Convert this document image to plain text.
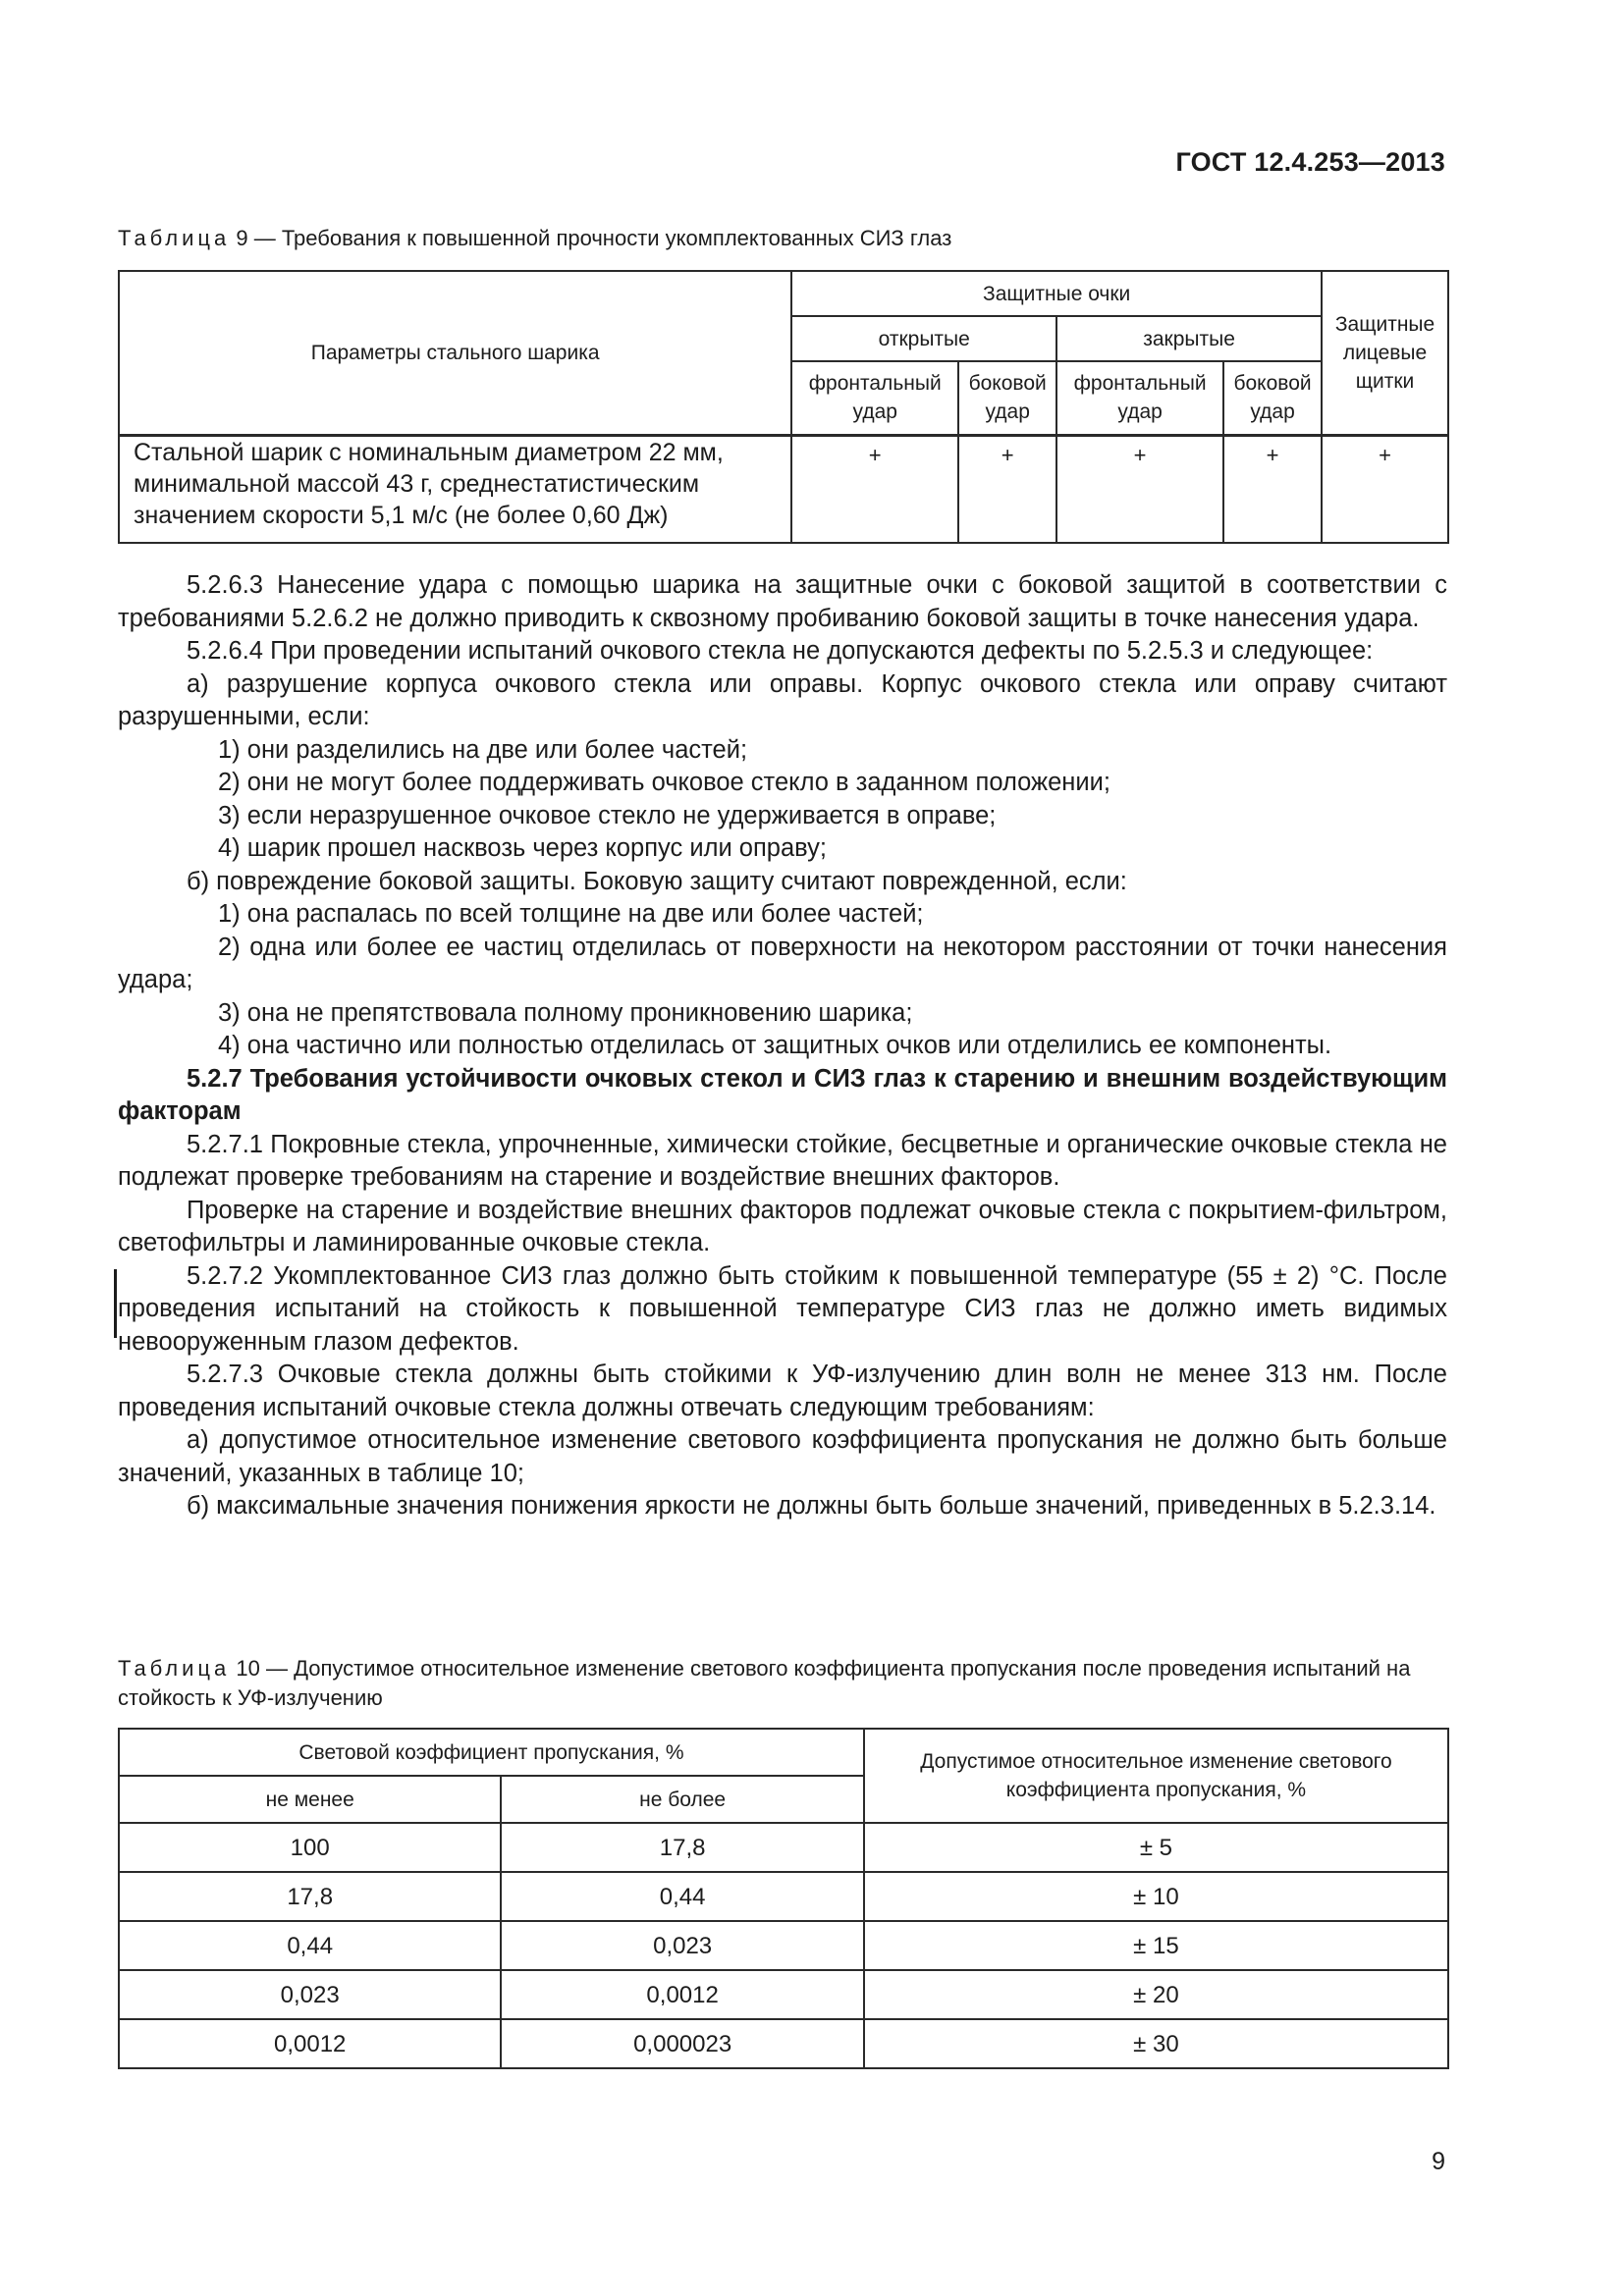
ГОСТ 12.4.253—2013
Таблица 9 — Требования к повышенной прочности укомплектованных СИЗ глаз
Параметры стального шарика	Защитные очки				Защитные лицевые щитки
	открытые		закрытые		
	фронтальный удар	боковой удар	фронтальный удар	боковой удар	
Стальной шарик с номинальным диаметром 22 мм, минимальной массой 43 г, среднестатистическим значением скорости 5,1 м/с (не более 0,60 Дж)	+	+	+	+	+

5.2.6.3 Нанесение удара с помощью шарика на защитные очки с боковой защитой в соответствии с требованиями 5.2.6.2 не должно приводить к сквозному пробиванию боковой защиты в точке нанесения удара.

5.2.6.4 При проведении испытаний очкового стекла не допускаются дефекты по 5.2.5.3 и следующее:

а) разрушение корпуса очкового стекла или оправы. Корпус очкового стекла или оправу считают разрушенными, если:

1) они разделились на две или более частей;

2) они не могут более поддерживать очковое стекло в заданном положении;

3) если неразрушенное очковое стекло не удерживается в оправе;

4) шарик прошел насквозь через корпус или оправу;

б) повреждение боковой защиты. Боковую защиту считают поврежденной, если:

1) она распалась по всей толщине на две или более частей;

2) одна или более ее частиц отделилась от поверхности на некотором расстоянии от точки нанесения удара;

3) она не препятствовала полному проникновению шарика;

4) она частично или полностью отделилась от защитных очков или отделились ее компоненты.

5.2.7 Требования устойчивости очковых стекол и СИЗ глаз к старению и внешним воздействующим факторам

5.2.7.1 Покровные стекла, упрочненные, химически стойкие, бесцветные и органические очковые стекла не подлежат проверке требованиям на старение и воздействие внешних факторов.

Проверке на старение и воздействие внешних факторов подлежат очковые стекла с покрытием-фильтром, светофильтры и ламинированные очковые стекла.

5.2.7.2 Укомплектованное СИЗ глаз должно быть стойким к повышенной температуре (55 ± 2) °С. После проведения испытаний на стойкость к повышенной температуре СИЗ глаз не должно иметь видимых невооруженным глазом дефектов.

5.2.7.3 Очковые стекла должны быть стойкими к УФ-излучению длин волн не менее 313 нм. После проведения испытаний очковые стекла должны отвечать следующим требованиям:

а) допустимое относительное изменение светового коэффициента пропускания не должно быть больше значений, указанных в таблице 10;

б) максимальные значения понижения яркости не должны быть больше значений, приведенных в 5.2.3.14.

Таблица 10 — Допустимое относительное изменение светового коэффициента пропускания после проведения испытаний на стойкость к УФ-излучению
Световой коэффициент пропускания, %		Допустимое относительное изменение светового коэффициента пропускания, %
не менее	не более	
100	17,8	± 5
17,8	0,44	± 10
0,44	0,023	± 15
0,023	0,0012	± 20
0,0012	0,000023	± 30
9
